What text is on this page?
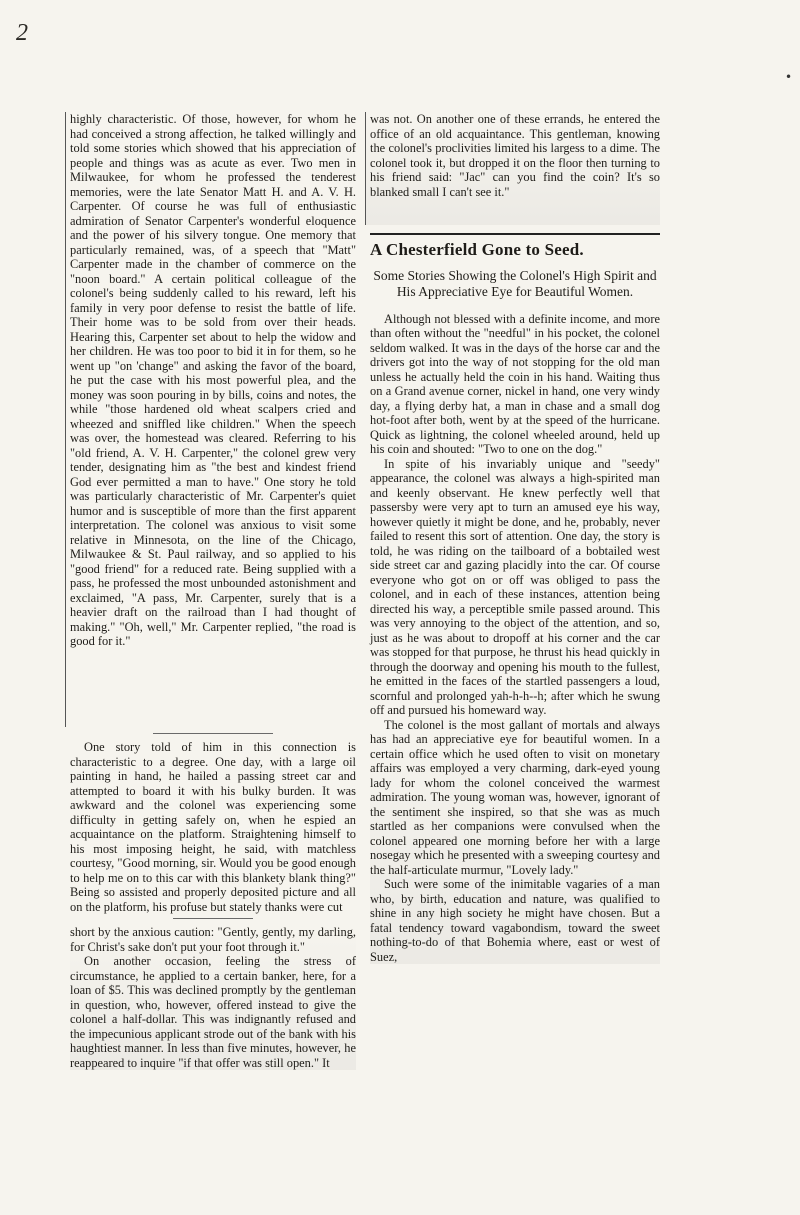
2
•

highly characteristic. Of those, however, for whom he had conceived a strong affection, he talked willingly and told some stories which showed that his appreciation of people and things was as acute as ever. Two men in Milwaukee, for whom he professed the tenderest memories, were the late Senator Matt H. and A. V. H. Carpenter. Of course he was full of enthusiastic admiration of Senator Carpenter's wonderful eloquence and the power of his silvery tongue. One memory that particularly remained, was, of a speech that "Matt" Carpenter made in the chamber of commerce on the "noon board." A certain political colleague of the colonel's being suddenly called to his reward, left his family in very poor defense to resist the battle of life. Their home was to be sold from over their heads. Hearing this, Carpenter set about to help the widow and her children. He was too poor to bid it in for them, so he went up "on 'change" and asking the favor of the board, he put the case with his most powerful plea, and the money was soon pouring in by bills, coins and notes, the while "those hardened old wheat scalpers cried and wheezed and sniffled like children." When the speech was over, the homestead was cleared. Referring to his "old friend, A. V. H. Carpenter," the colonel grew very tender, designating him as "the best and kindest friend God ever permitted a man to have." One story he told was particularly characteristic of Mr. Carpenter's quiet humor and is susceptible of more than the first apparent interpretation. The colonel was anxious to visit some relative in Minnesota, on the line of the Chicago, Milwaukee & St. Paul railway, and so applied to his "good friend" for a reduced rate. Being supplied with a pass, he professed the most unbounded astonishment and exclaimed, "A pass, Mr. Carpenter, surely that is a heavier draft on the railroad than I had thought of making." "Oh, well," Mr. Carpenter replied, "the road is good for it."

One story told of him in this connection is characteristic to a degree. One day, with a large oil painting in hand, he hailed a passing street car and attempted to board it with his bulky burden. It was awkward and the colonel was experiencing some difficulty in getting safely on, when he espied an acquaintance on the platform. Straightening himself to his most imposing height, he said, with matchless courtesy, "Good morning, sir. Would you be good enough to help me on to this car with this blankety blank thing?" Being so assisted and properly deposited picture and all on the platform, his profuse but stately thanks were cut

short by the anxious caution: "Gently, gently, my darling, for Christ's sake don't put your foot through it."

On another occasion, feeling the stress of circumstance, he applied to a certain banker, here, for a loan of $5. This was declined promptly by the gentleman in question, who, however, offered instead to give the colonel a half-dollar. This was indignantly refused and the impecunious applicant strode out of the bank with his haughtiest manner. In less than five minutes, however, he reappeared to inquire "if that offer was still open." It

was not. On another one of these errands, he entered the office of an old acquaintance. This gentleman, knowing the colonel's proclivities limited his largess to a dime. The colonel took it, but dropped it on the floor then turning to his friend said: "Jac" can you find the coin? It's so blanked small I can't see it."

A Chesterfield Gone to Seed.
Some Stories Showing the Colonel's High Spirit and His Appreciative Eye for Beautiful Women.

Although not blessed with a definite income, and more than often without the "needful" in his pocket, the colonel seldom walked. It was in the days of the horse car and the drivers got into the way of not stopping for the old man unless he actually held the coin in his hand. Waiting thus on a Grand avenue corner, nickel in hand, one very windy day, a flying derby hat, a man in chase and a small dog hot-foot after both, went by at the speed of the hurricane. Quick as lightning, the colonel wheeled around, held up his coin and shouted: "Two to one on the dog."

In spite of his invariably unique and "seedy" appearance, the colonel was always a high-spirited man and keenly observant. He knew perfectly well that passersby were very apt to turn an amused eye his way, however quietly it might be done, and he, probably, never failed to resent this sort of attention. One day, the story is told, he was riding on the tailboard of a bobtailed west side street car and gazing placidly into the car. Of course everyone who got on or off was obliged to pass the colonel, and in each of these instances, attention being directed his way, a perceptible smile passed around. This was very annoying to the object of the attention, and so, just as he was about to dropoff at his corner and the car was stopped for that purpose, he thrust his head quickly in through the doorway and opening his mouth to the fullest, he emitted in the faces of the startled passengers a loud, scornful and prolonged yah-h-h--h; after which he swung off and pursued his homeward way.

The colonel is the most gallant of mortals and always has had an appreciative eye for beautiful women. In a certain office which he used often to visit on monetary affairs was employed a very charming, dark-eyed young lady for whom the colonel conceived the warmest admiration. The young woman was, however, ignorant of the sentiment she inspired, so that she was as much startled as her companions were convulsed when the colonel appeared one morning before her with a large nosegay which he presented with a sweeping courtesy and the half-articulate murmur, "Lovely lady."

Such were some of the inimitable vagaries of a man who, by birth, education and nature, was qualified to shine in any high society he might have chosen. But a fatal tendency toward vagabondism, toward the sweet nothing-to-do of that Bohemia where, east or west of Suez,
